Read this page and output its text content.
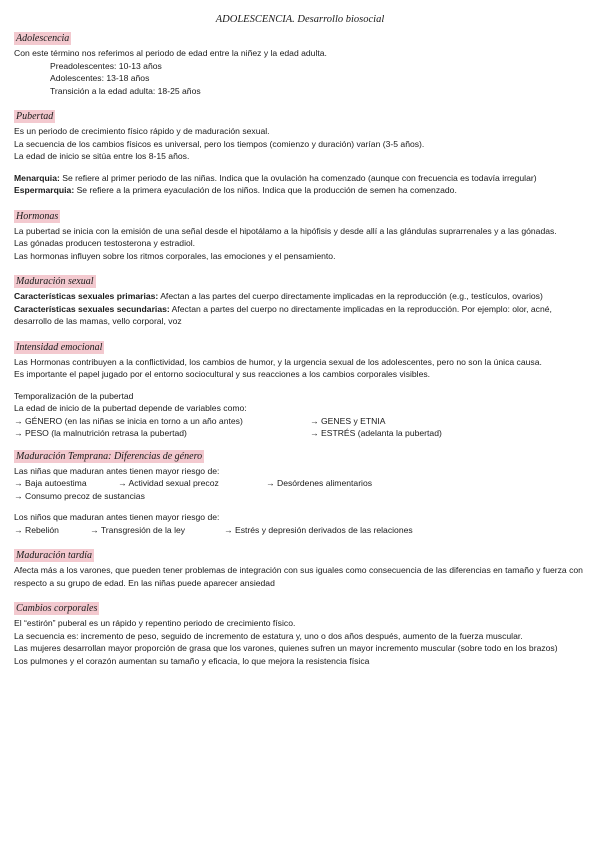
ADOLESCENCIA. Desarrollo biosocial
Adolescencia

Con este término nos referimos al periodo de edad entre la niñez y la edad adulta.

Preadolescentes: 10-13 años

Adolescentes: 13-18 años

Transición a la edad adulta: 18-25 años

Pubertad

Es un periodo de crecimiento físico rápido y de maduración sexual.

La secuencia de los cambios físicos es universal, pero los tiempos (comienzo y duración) varían (3-5 años).

La edad de inicio se sitúa entre los 8-15 años.

Menarquia: Se refiere al primer periodo de las niñas. Indica que la ovulación ha comenzado (aunque con frecuencia es todavía irregular)

Espermarquia: Se refiere a la primera eyaculación de los niños. Indica que la producción de semen ha comenzado.

Hormonas

La pubertad se inicia con la emisión de una señal desde el hipotálamo a la hipófisis y desde allí a las glándulas suprarrenales y a las gónadas.

Las gónadas producen testosterona y estradiol.

Las hormonas influyen sobre los ritmos corporales, las emociones y el pensamiento.

Maduración sexual

Características sexuales primarias: Afectan a las partes del cuerpo directamente implicadas en la reproducción (e.g., testículos, ovarios)

Características sexuales secundarias: Afectan a partes del cuerpo no directamente implicadas en la reproducción. Por ejemplo: olor, acné, desarrollo de las mamas, vello corporal, voz

Intensidad emocional

Las Hormonas contribuyen a la conflictividad, los cambios de humor, y la urgencia sexual de los adolescentes, pero no son la única causa.

Es importante el papel jugado por el entorno sociocultural y sus reacciones a los cambios corporales visibles.

Temporalización de la pubertad

La edad de inicio de la pubertad depende de variables como:

→ GÉNERO (en las niñas se inicia en torno a un año antes)	→ GENES y ETNIA
→ PESO (la malnutrición retrasa la pubertad)	→ ESTRÉS (adelanta la pubertad)
Maduración Temprana: Diferencias de género

Las niñas que maduran antes tienen mayor riesgo de:

→ Baja autoestima	→ Actividad sexual precoz	→ Desórdenes alimentarios

→ Consumo precoz de sustancias

Los niños que maduran antes tienen mayor riesgo de:

→ Rebelión	→ Transgresión de la ley	→ Estrés y depresión derivados de las relaciones
Maduración tardía

Afecta más a los varones, que pueden tener problemas de integración con sus iguales como consecuencia de las diferencias en tamaño y fuerza con respecto a su grupo de edad. En las niñas puede aparecer ansiedad

Cambios corporales

El “estirón” puberal es un rápido y repentino periodo de crecimiento físico.

La secuencia es: incremento de peso, seguido de incremento de estatura y, uno o dos años después, aumento de la fuerza muscular.

Las mujeres desarrollan mayor proporción de grasa que los varones, quienes sufren un mayor incremento muscular (sobre todo en los brazos)

Los pulmones y el corazón aumentan su tamaño y eficacia, lo que mejora la resistencia física
